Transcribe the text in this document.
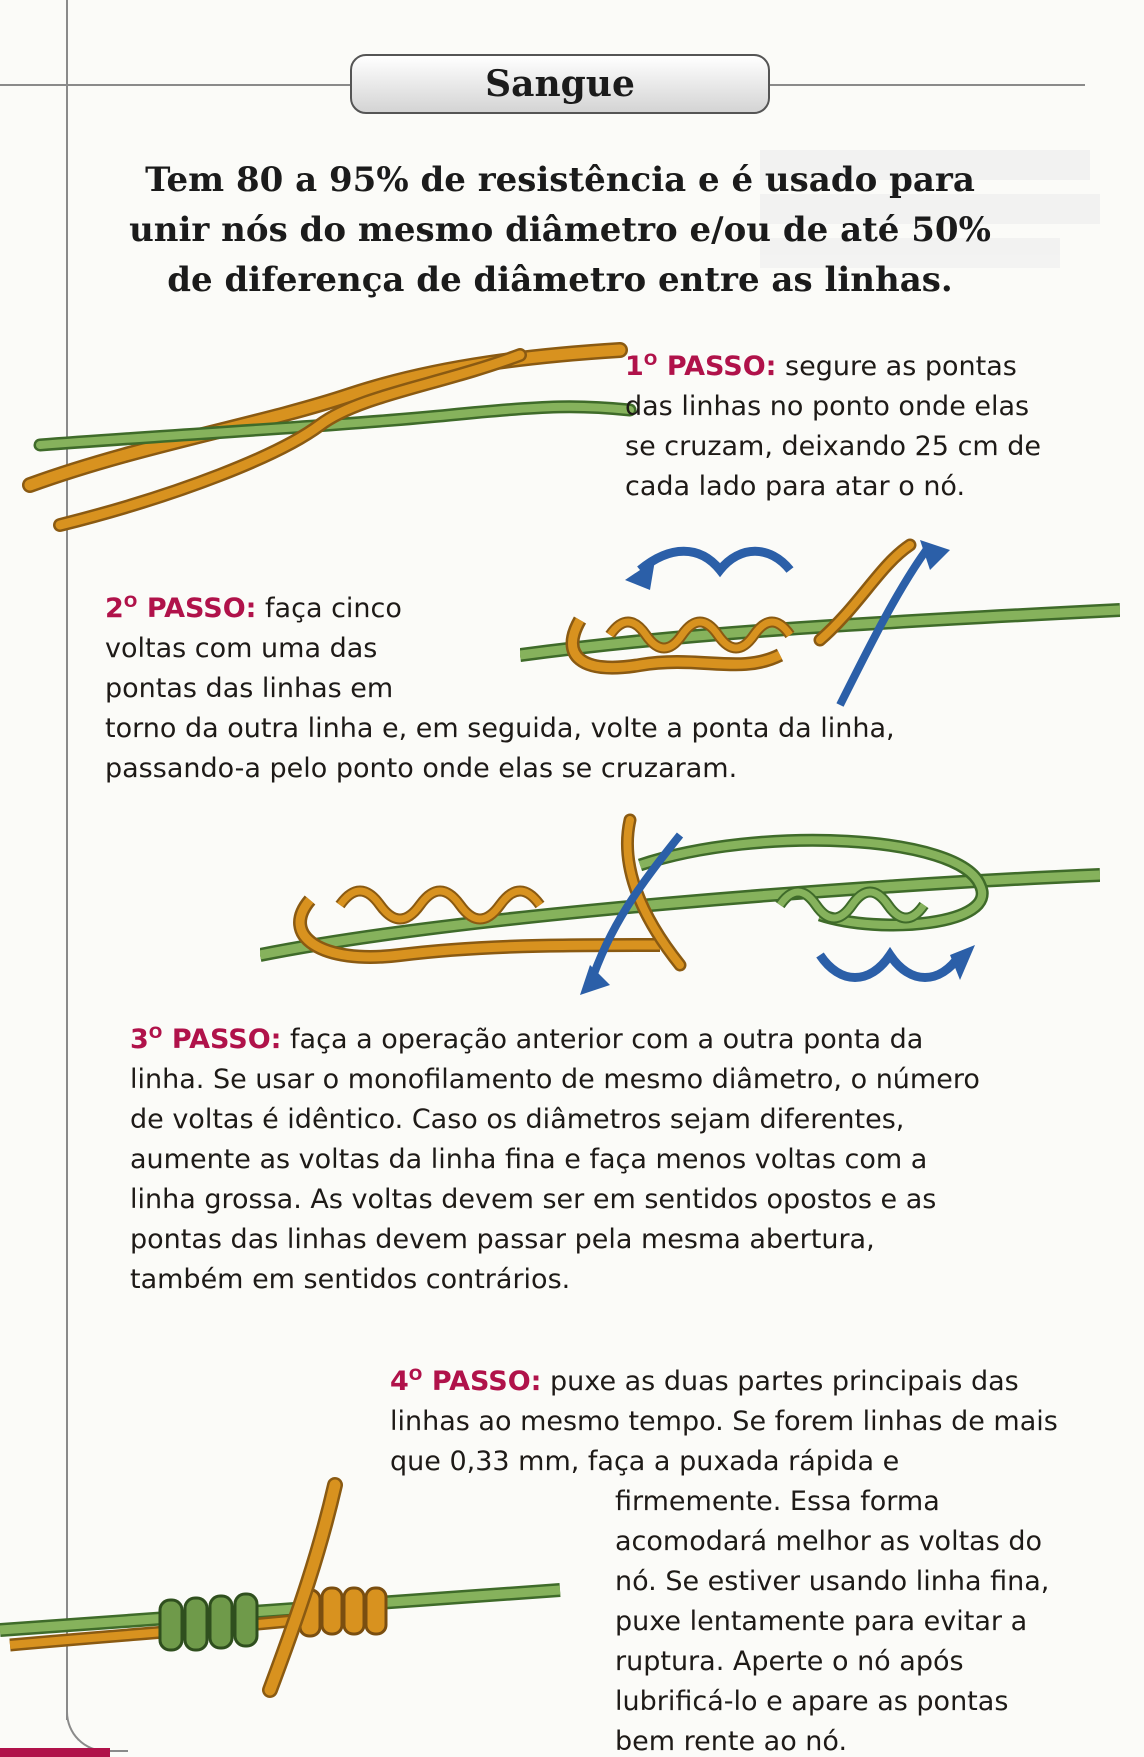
Sangue
Tem 80 a 95% de resistência e é usado para unir nós do mesmo diâmetro e/ou de até 50% de diferença de diâmetro entre as linhas.
$1^O$ PASSO: segure as pontas das linhas no ponto onde elas se cruzam, deixando 25 cm de cada lado para atar o nó.
$2^O$ PASSO: faça cinco voltas com uma das pontas das linhas em torno da outra linha e, em seguida, volte a ponta da linha, passando-a pelo ponto onde elas se cruzaram.
$3^O$ PASSO: faça a operação anterior com a outra ponta da linha. Se usar o monofilamento de mesmo diâmetro, o número de voltas é idêntico. Caso os diâmetros sejam diferentes, aumente as voltas da linha fina e faça menos voltas com a linha grossa. As voltas devem ser em sentidos opostos e as pontas das linhas devem passar pela mesma abertura, também em sentidos contrários.
$4^O$ PASSO: puxe as duas partes principais das linhas ao mesmo tempo. Se forem linhas de mais que 0,33 mm, faça a puxada rápida e firmemente. Essa forma acomodará melhor as voltas do nó. Se estiver usando linha fina, puxe lentamente para evitar a ruptura. Aperte o nó após lubrificá-lo e apare as pontas bem rente ao nó.
